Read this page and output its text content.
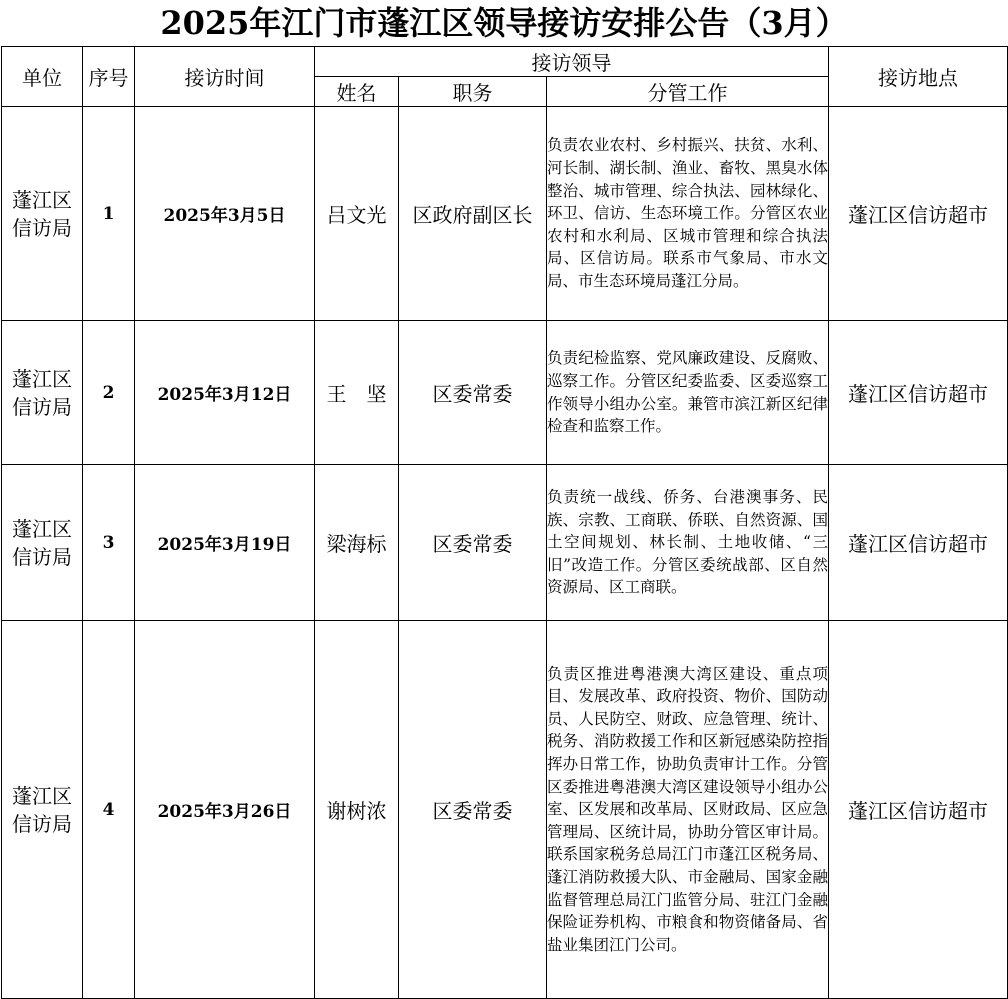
2025年江门市蓬江区领导接访安排公告（3月）
单位	序号	接访时间	接访领导			接访地点
			姓名	职务	分管工作	
蓬江区信访局	1	2025年3月5日	吕文光	区政府副区长	负责农业农村、乡村振兴、扶贫、水利、河长制、湖长制、渔业、畜牧、黑臭水体整治、城市管理、综合执法、园林绿化、环卫、信访、生态环境工作。分管区农业农村和水利局、区城市管理和综合执法局、区信访局。联系市气象局、市水文局、市生态环境局蓬江分局。	蓬江区信访超市
蓬江区信访局	2	2025年3月12日	王　坚	区委常委	负责纪检监察、党风廉政建设、反腐败、巡察工作。分管区纪委监委、区委巡察工作领导小组办公室。兼管市滨江新区纪律检查和监察工作。	蓬江区信访超市
蓬江区信访局	3	2025年3月19日	梁海标	区委常委	负责统一战线、侨务、台港澳事务、民族、宗教、工商联、侨联、自然资源、国土空间规划、林长制、土地收储、“三旧”改造工作。分管区委统战部、区自然资源局、区工商联。	蓬江区信访超市
蓬江区信访局	4	2025年3月26日	谢树浓	区委常委	负责区推进粤港澳大湾区建设、重点项目、发展改革、政府投资、物价、国防动员、人民防空、财政、应急管理、统计、税务、消防救援工作和区新冠感染防控指挥办日常工作，协助负责审计工作。分管区委推进粤港澳大湾区建设领导小组办公室、区发展和改革局、区财政局、区应急管理局、区统计局，协助分管区审计局。联系国家税务总局江门市蓬江区税务局、蓬江消防救援大队、市金融局、国家金融监督管理总局江门监管分局、驻江门金融保险证券机构、市粮食和物资储备局、省盐业集团江门公司。	蓬江区信访超市
